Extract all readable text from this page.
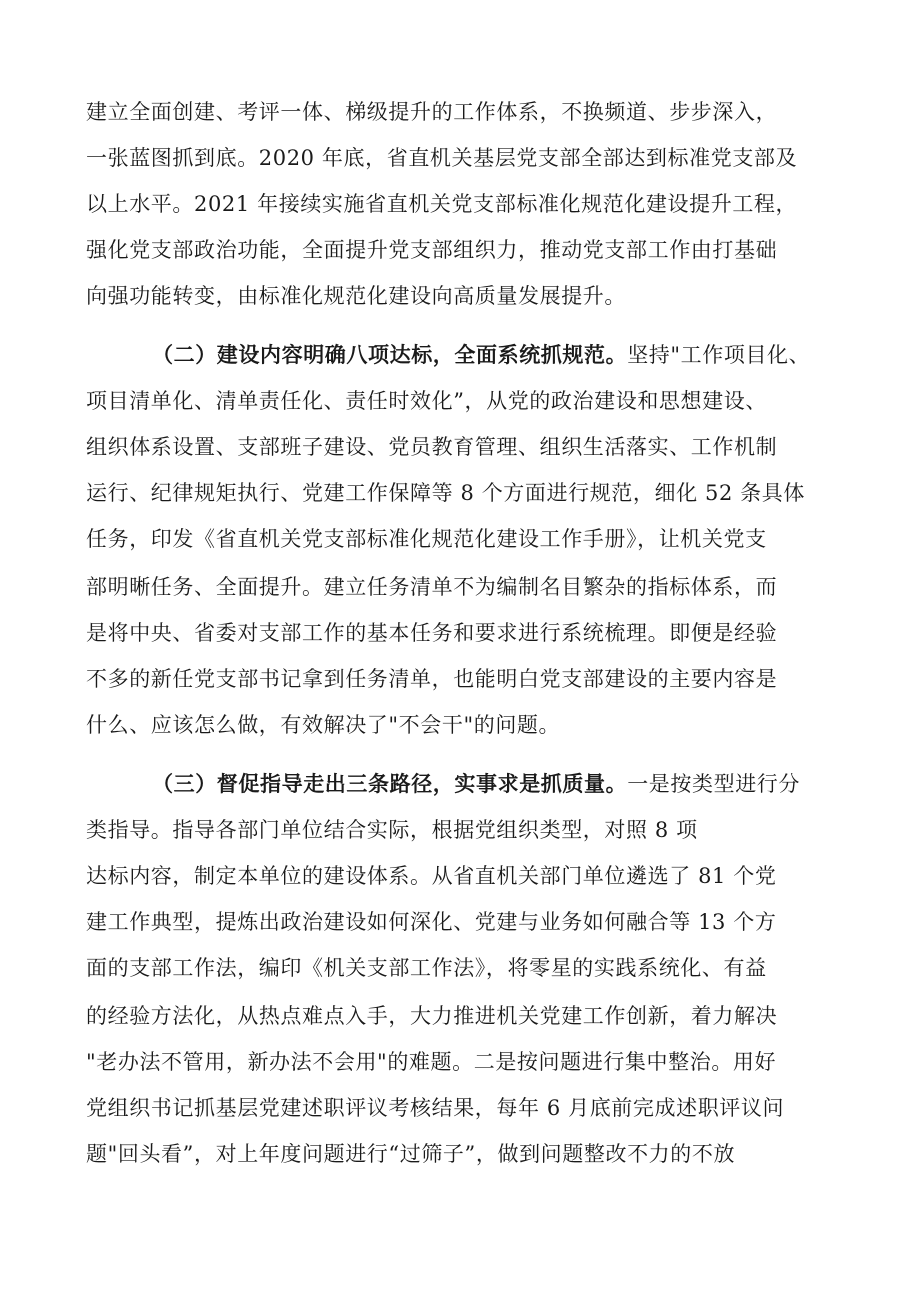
建立全面创建、考评一体、梯级提升的工作体系，不换频道、步步深入，
一张蓝图抓到底。2020 年底，省直机关基层党支部全部达到标准党支部及
以上水平。2021 年接续实施省直机关党支部标准化规范化建设提升工程，
强化党支部政治功能，全面提升党支部组织力，推动党支部工作由打基础
向强功能转变，由标准化规范化建设向高质量发展提升。
（二）建设内容明确八项达标，全面系统抓规范。坚持"工作项目化、
项目清单化、清单责任化、责任时效化”，从党的政治建设和思想建设、
组织体系设置、支部班子建设、党员教育管理、组织生活落实、工作机制
运行、纪律规矩执行、党建工作保障等 8 个方面进行规范，细化 52 条具体
任务，印发《省直机关党支部标准化规范化建设工作手册》，让机关党支
部明晰任务、全面提升。建立任务清单不为编制名目繁杂的指标体系，而
是将中央、省委对支部工作的基本任务和要求进行系统梳理。即便是经验
不多的新任党支部书记拿到任务清单，也能明白党支部建设的主要内容是
什么、应该怎么做，有效解决了"不会干"的问题。
（三）督促指导走出三条路径，实事求是抓质量。一是按类型进行分
类指导。指导各部门单位结合实际，根据党组织类型，对照 8 项
达标内容，制定本单位的建设体系。从省直机关部门单位遴选了 81 个党
建工作典型，提炼出政治建设如何深化、党建与业务如何融合等 13 个方
面的支部工作法，编印《机关支部工作法》，将零星的实践系统化、有益
的经验方法化，从热点难点入手，大力推进机关党建工作创新，着力解决
"老办法不管用，新办法不会用"的难题。二是按问题进行集中整治。用好
党组织书记抓基层党建述职评议考核结果，每年 6 月底前完成述职评议问
题"回头看”，对上年度问题进行“过筛子”，做到问题整改不力的不放
